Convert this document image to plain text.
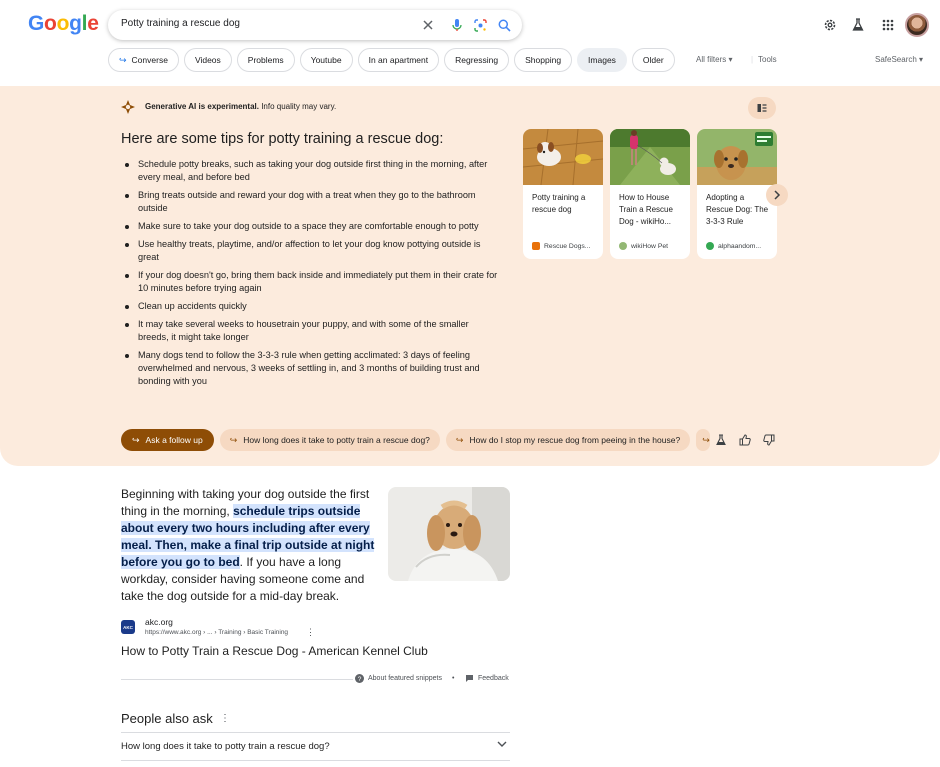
Google Potty training a rescue dog
↪ Converse	Videos	Problems	Youtube	In an apartment	Regressing	Shopping	Images	Older	All filters ▾ | Tools	SafeSearch ▾
Generative AI is experimental. Info quality may vary.
Here are some tips for potty training a rescue dog:
Schedule potty breaks, such as taking your dog outside first thing in the morning, after every meal, and before bed
Bring treats outside and reward your dog with a treat when they go to the bathroom outside
Make sure to take your dog outside to a space they are comfortable enough to potty
Use healthy treats, playtime, and/or affection to let your dog know pottying outside is great
If your dog doesn't go, bring them back inside and immediately put them in their crate for 10 minutes before trying again
Clean up accidents quickly
It may take several weeks to housetrain your puppy, and with some of the smaller breeds, it might take longer
Many dogs tend to follow the 3-3-3 rule when getting acclimated: 3 days of feeling overwhelmed and nervous, 3 weeks of settling in, and 3 months of building trust and bonding with you
Potty training a rescue dog
Rescue Dogs...
How to House Train a Rescue Dog - wikiHo...
wikiHow Pet
Adopting a Rescue Dog: The 3-3-3 Rule
alphaandom...
↪ Ask a follow up	↪ How long does it take to potty train a rescue dog?	↪ How do I stop my rescue dog from peeing in the house? ↪
Beginning with taking your dog outside the first thing in the morning, schedule trips outside about every two hours including after every meal. Then, make a final trip outside at night before you go to bed. If you have a long workday, consider having someone come and take the dog outside for a mid-day break.
AKC akc.org
https://www.akc.org › ... › Training › Basic Training ⋮
How to Potty Train a Rescue Dog - American Kennel Club
? About featured snippets •	Feedback
People also ask ⋮
How long does it take to potty train a rescue dog?
